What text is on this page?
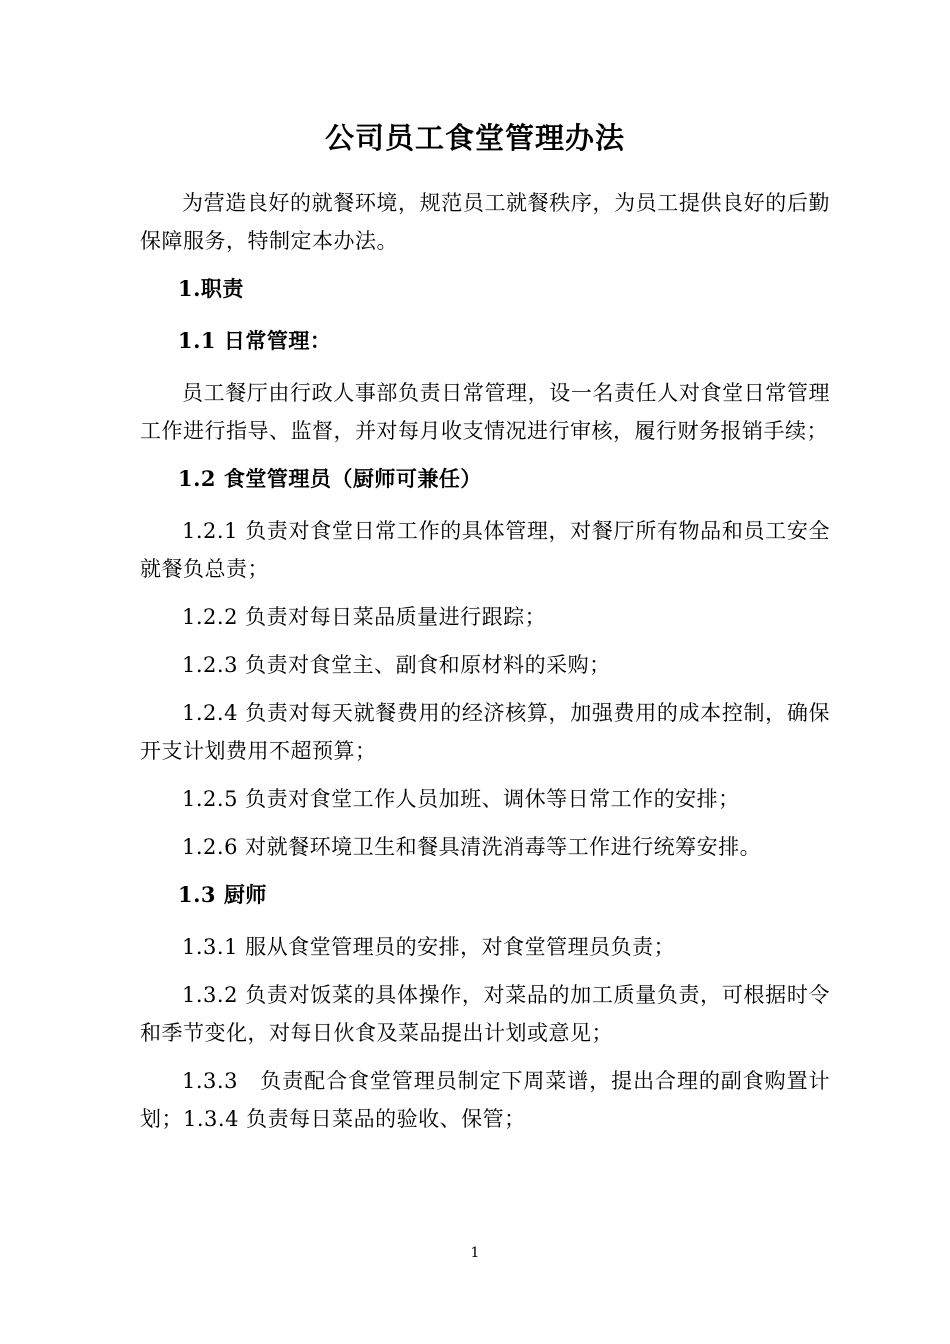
公司员工食堂管理办法

为营造良好的就餐环境，规范员工就餐秩序，为员工提供良好的后勤保障服务，特制定本办法。

1.职责

1.1 日常管理：

员工餐厅由行政人事部负责日常管理，设一名责任人对食堂日常管理工作进行指导、监督，并对每月收支情况进行审核，履行财务报销手续；

1.2 食堂管理员（厨师可兼任）

1.2.1 负责对食堂日常工作的具体管理，对餐厅所有物品和员工安全就餐负总责；

1.2.2 负责对每日菜品质量进行跟踪；

1.2.3 负责对食堂主、副食和原材料的采购；

1.2.4 负责对每天就餐费用的经济核算，加强费用的成本控制，确保开支计划费用不超预算；

1.2.5 负责对食堂工作人员加班、调休等日常工作的安排；

1.2.6 对就餐环境卫生和餐具清洗消毒等工作进行统筹安排。

1.3 厨师

1.3.1 服从食堂管理员的安排，对食堂管理员负责；

1.3.2 负责对饭菜的具体操作，对菜品的加工质量负责，可根据时令和季节变化，对每日伙食及菜品提出计划或意见；

1.3.3　负责配合食堂管理员制定下周菜谱，提出合理的副食购置计划；1.3.4 负责每日菜品的验收、保管；

1
